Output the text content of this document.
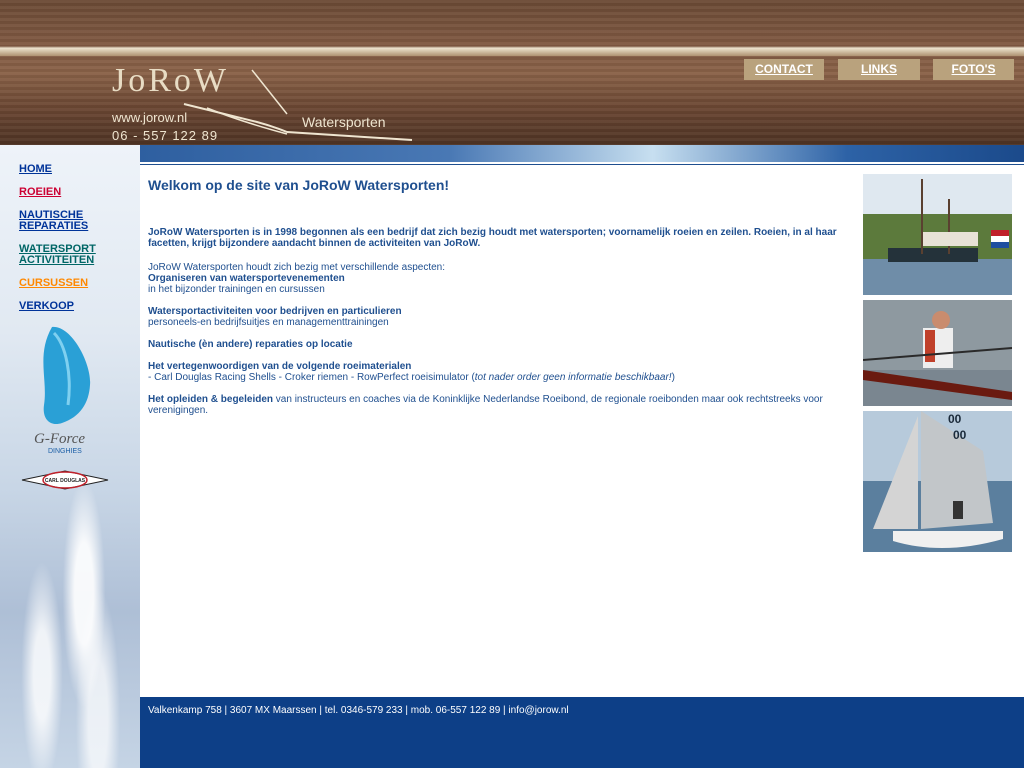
JoRoW
www.jorow.nl
06 - 557 122 89
Watersporten
CONTACT	LINKS	FOTO'S
HOME
ROEIEN
NAUTISCHE REPARATIES
WATERSPORT ACTIVITEITEN
CURSUSSEN
VERKOOP
G-Force
DINGHIES
CARL DOUGLAS
Welkom op de site van JoRoW Watersporten!

JoRoW Watersporten is in 1998 begonnen als een bedrijf dat zich bezig houdt met watersporten; voornamelijk roeien en zeilen. Roeien, in al haar facetten, krijgt bijzondere aandacht binnen de activiteiten van JoRoW.

JoRoW Watersporten houdt zich bezig met verschillende aspecten:
Organiseren van watersportevenementen
in het bijzonder trainingen en cursussen

Watersportactiviteiten voor bedrijven en particulieren
personeels-en bedrijfsuitjes en managementtrainingen

Nautische (èn andere) reparaties op locatie

Het vertegenwoordigen van de volgende roeimaterialen
- Carl Douglas Racing Shells - Croker riemen - RowPerfect roeisimulator (tot nader order geen informatie beschikbaar!)

Het opleiden & begeleiden van instructeurs en coaches via de Koninklijke Nederlandse Roeibond, de regionale roeibonden maar ook rechtstreeks voor verenigingen.

00
00
Valkenkamp 758 | 3607 MX Maarssen | tel. 0346-579 233 | mob. 06-557 122 89 | info@jorow.nl
